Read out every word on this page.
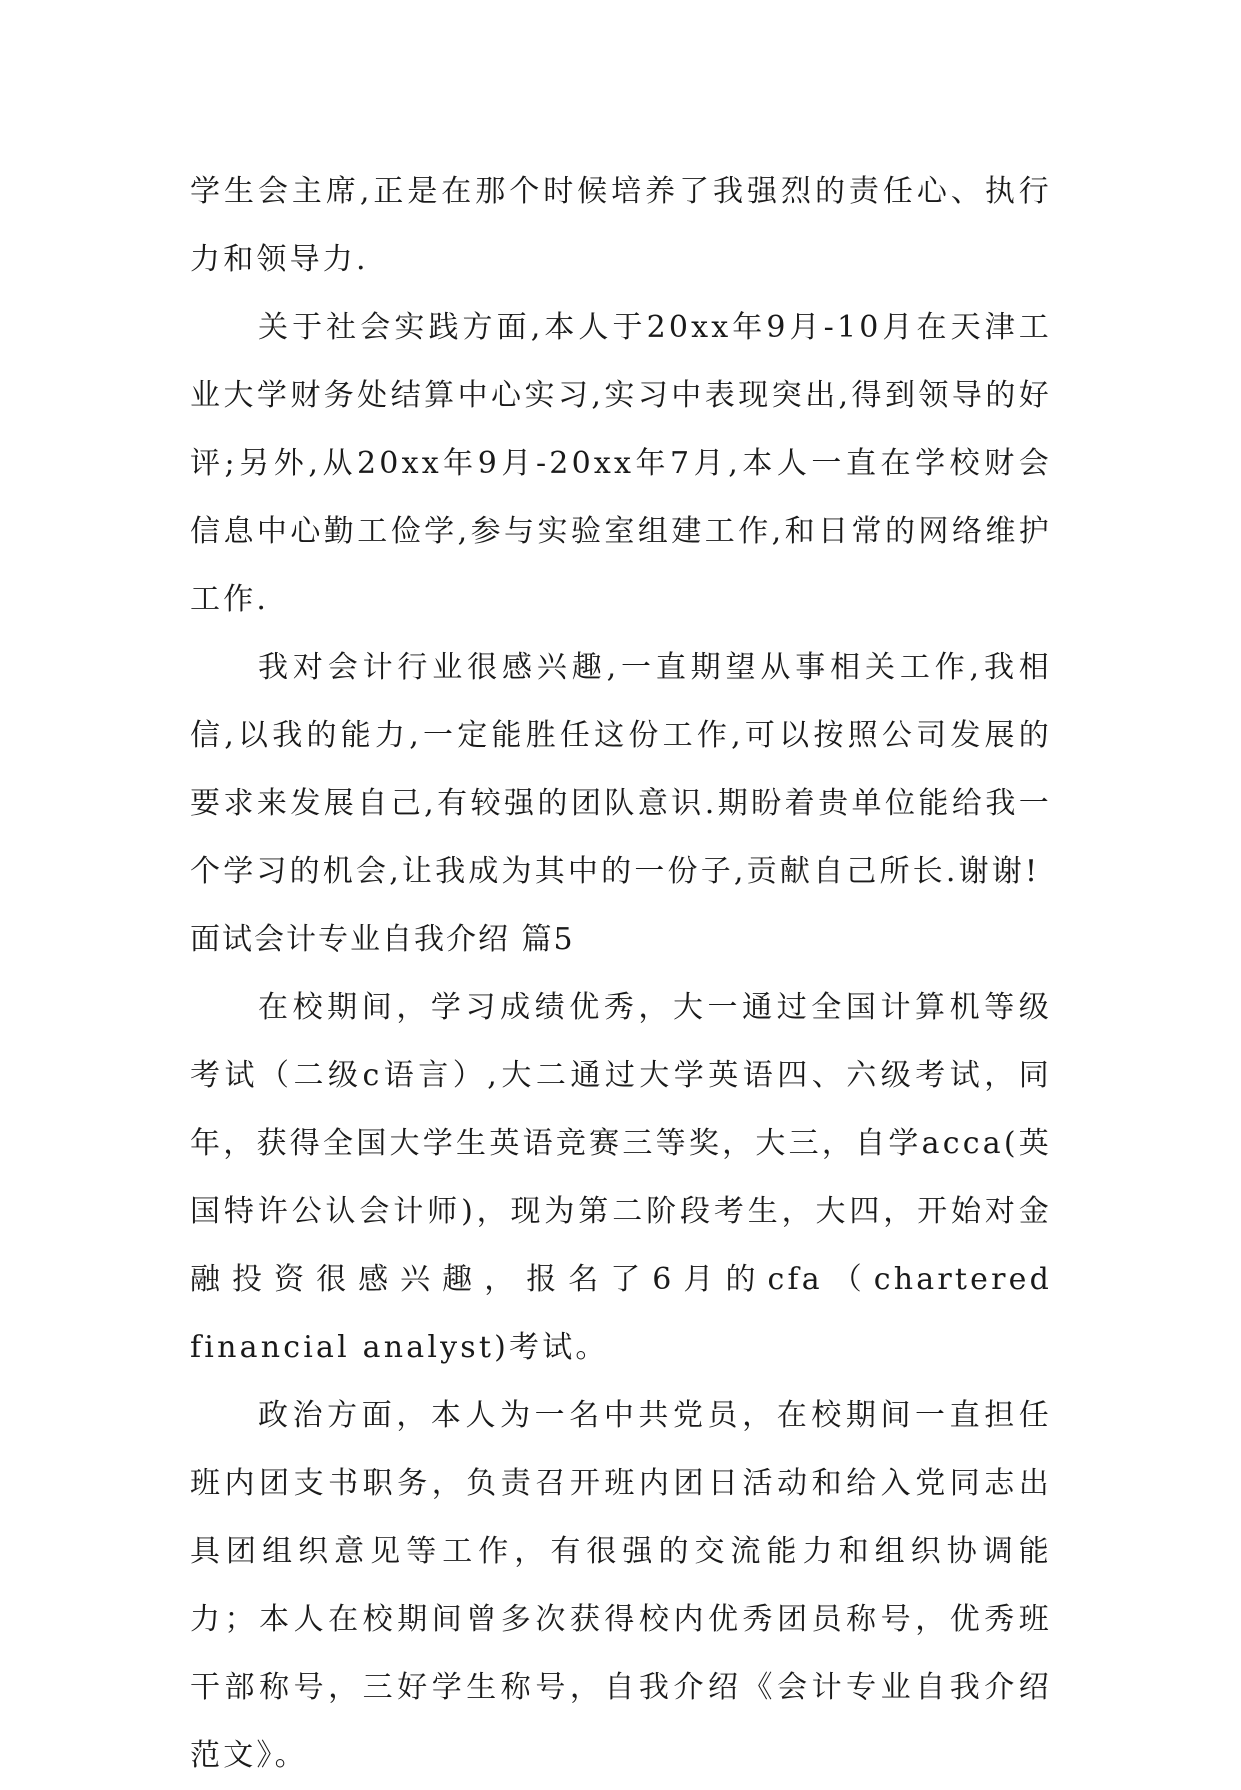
学生会主席,正是在那个时候培养了我强烈的责任心、执行力和领导力.

关于社会实践方面,本人于20xx年9月-10月在天津工业大学财务处结算中心实习,实习中表现突出,得到领导的好评;另外,从20xx年9月-20xx年7月,本人一直在学校财会信息中心勤工俭学,参与实验室组建工作,和日常的网络维护工作.

我对会计行业很感兴趣,一直期望从事相关工作,我相信,以我的能力,一定能胜任这份工作,可以按照公司发展的要求来发展自己,有较强的团队意识.期盼着贵单位能给我一个学习的机会,让我成为其中的一份子,贡献自己所长.谢谢!

面试会计专业自我介绍 篇5

在校期间，学习成绩优秀，大一通过全国计算机等级考试（二级c语言）,大二通过大学英语四、六级考试，同年，获得全国大学生英语竞赛三等奖，大三，自学acca(英国特许公认会计师)，现为第二阶段考生，大四，开始对金融投资很感兴趣，报名了6月的cfa（chartered financial analyst)考试。

政治方面，本人为一名中共党员，在校期间一直担任班内团支书职务，负责召开班内团日活动和给入党同志出具团组织意见等工作，有很强的交流能力和组织协调能力；本人在校期间曾多次获得校内优秀团员称号，优秀班干部称号，三好学生称号，自我介绍《会计专业自我介绍范文》。
